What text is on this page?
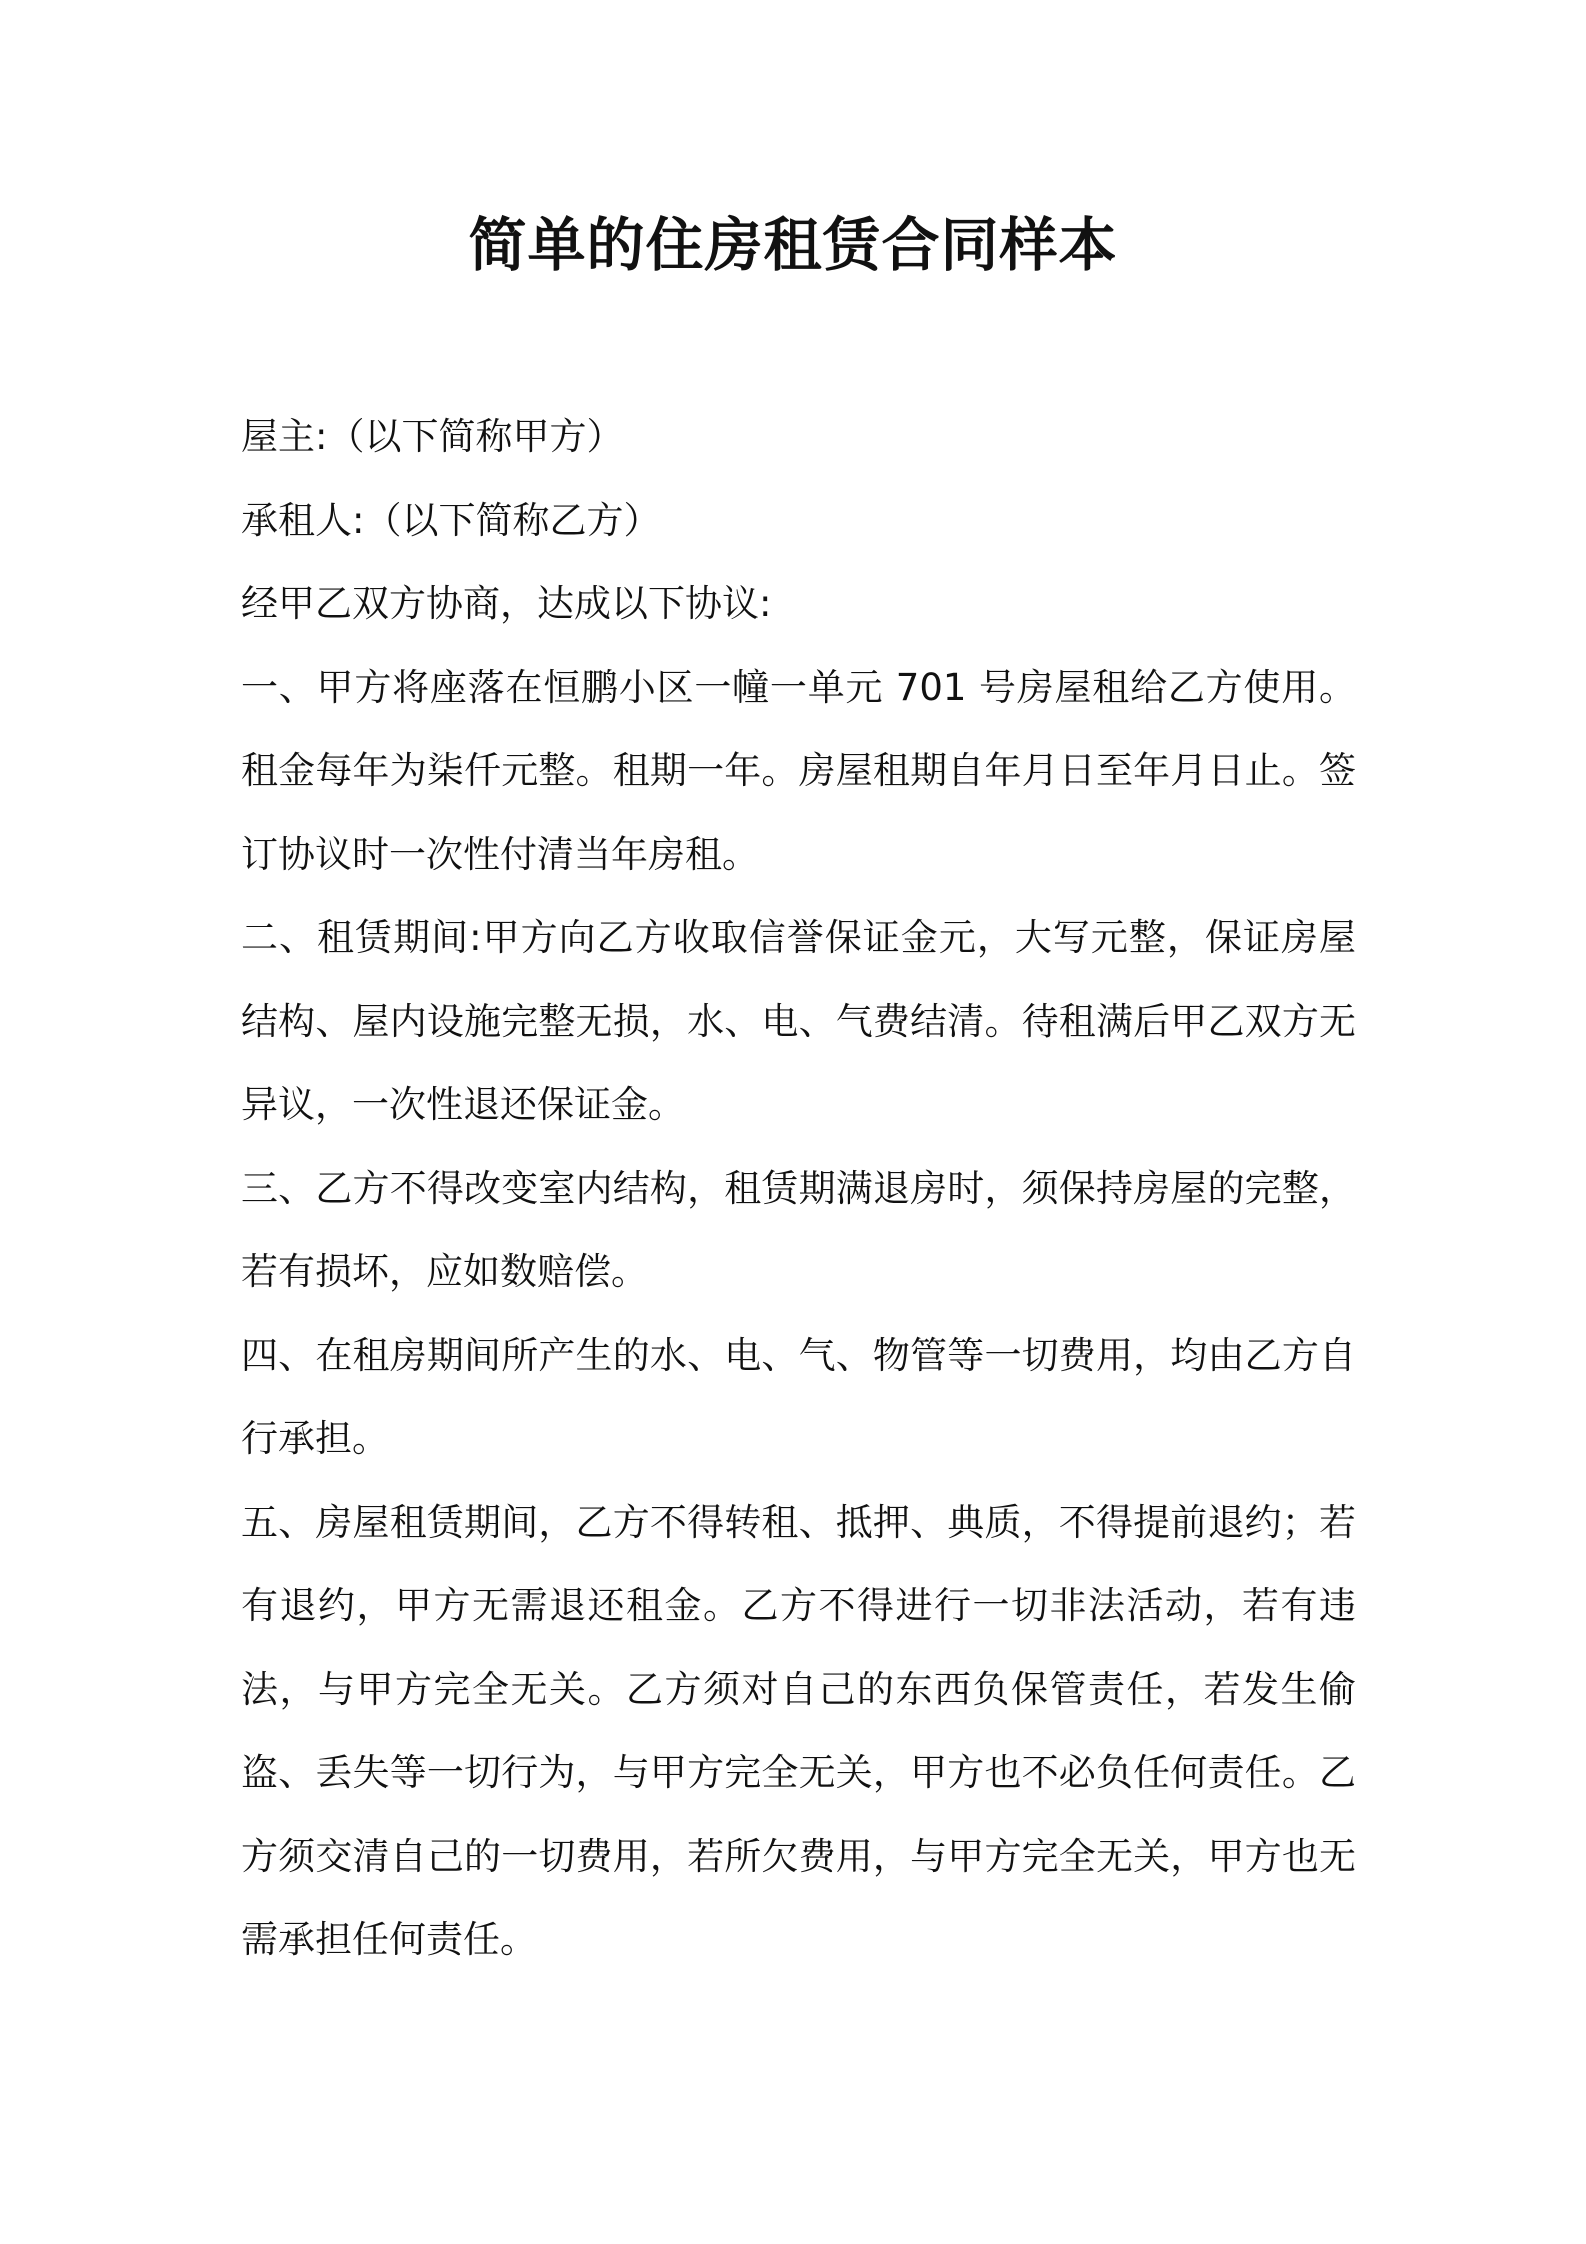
简单的住房租赁合同样本

屋主:（以下简称甲方）

承租人:（以下简称乙方）

经甲乙双方协商，达成以下协议:

一、甲方将座落在恒鹏小区一幢一单元 701 号房屋租给乙方使用。租金每年为柒仟元整。租期一年。房屋租期自年月日至年月日止。签订协议时一次性付清当年房租。

二、租赁期间:甲方向乙方收取信誉保证金元，大写元整，保证房屋结构、屋内设施完整无损，水、电、气费结清。待租满后甲乙双方无异议，一次性退还保证金。

三、乙方不得改变室内结构，租赁期满退房时，须保持房屋的完整，若有损坏，应如数赔偿。

四、在租房期间所产生的水、电、气、物管等一切费用，均由乙方自行承担。

五、房屋租赁期间，乙方不得转租、抵押、典质，不得提前退约；若有退约，甲方无需退还租金。乙方不得进行一切非法活动，若有违法，与甲方完全无关。乙方须对自己的东西负保管责任，若发生偷盗、丢失等一切行为，与甲方完全无关，甲方也不必负任何责任。乙方须交清自己的一切费用，若所欠费用，与甲方完全无关，甲方也无需承担任何责任。
